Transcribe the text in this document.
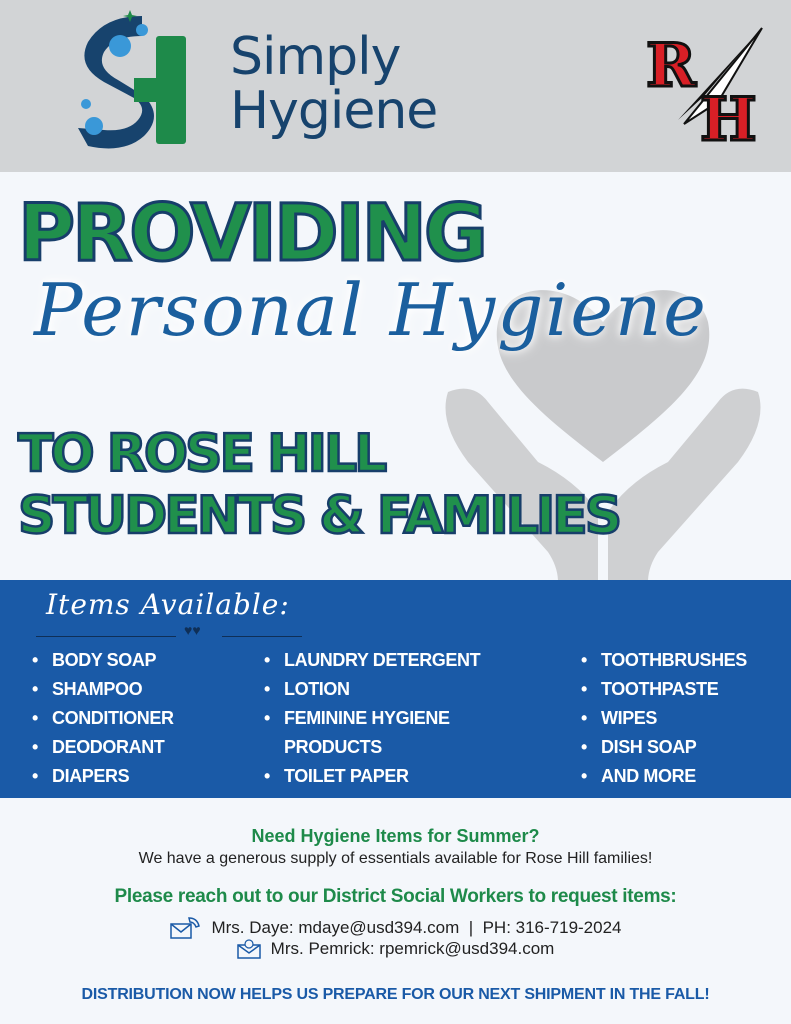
Simply
Hygiene
R
H
PROVIDING
Personal Hygiene
TO ROSE HILL
STUDENTS & FAMILIES
Items Available:
♥♥
• BODY SOAP
• SHAMPOO
• CONDITIONER
• DEODORANT
• DIAPERS
• LAUNDRY DETERGENT
• LOTION
• FEMININE HYGIENE
PRODUCTS
• TOILET PAPER
• TOOTHBRUSHES
• TOOTHPASTE
• WIPES
• DISH SOAP
• AND MORE
Need Hygiene Items for Summer?
We have a generous supply of essentials available for Rose Hill families!
Please reach out to our District Social Workers to request items:
Mrs. Daye: mdaye@usd394.com  |  PH: 316-719-2024
Mrs. Pemrick: rpemrick@usd394.com
DISTRIBUTION NOW HELPS US PREPARE FOR OUR NEXT SHIPMENT IN THE FALL!
